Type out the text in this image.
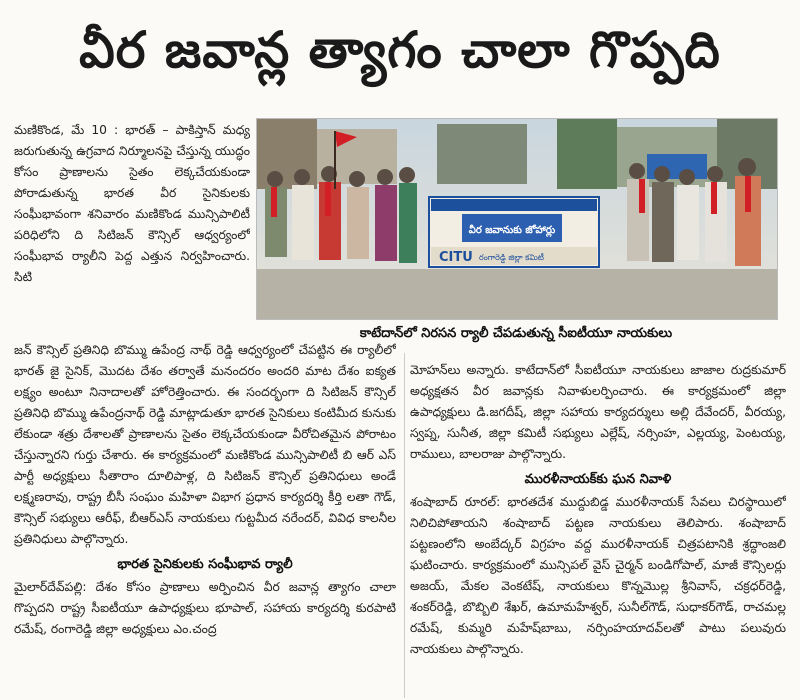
వీర జవాన్ల త్యాగం చాలా గొప్పది
వీర జవానుకు జోహార్లు
CITU రంగారెడ్డి జిల్లా కమిటీ
కాటేదాన్‌లో నిరసన ర్యాలీ చేపడుతున్న సీఐటీయూ నాయకులు

మణికొండ, మే 10 : భారత్ – పాకిస్తాన్ మధ్య జరుగుతున్న ఉగ్రవాద నిర్మూలనపై చేస్తున్న యుద్ధం కోసం ప్రాణాలను సైతం లెక్కచేయకుండా పోరాడుతున్న భారత వీర సైనికులకు సంఘీభావంగా శనివారం మణికొండ మున్సిపాలిటీ పరిధిలోని ది సిటిజన్ కౌన్సిల్ ఆధ్వర్యంలో సంఘీభావ ర్యాలీని పెద్ద ఎత్తున నిర్వహించారు. సిటి

జన్ కౌన్సిల్ ప్రతినిధి బొమ్ము ఉపేంద్ర నాథ్ రెడ్డి ఆధ్వర్యంలో చేపట్టిన ఈ ర్యాలీలో భారత్ జై సైనిక్, మొదట దేశం తర్వాతే మనందరం అందరి మాట దేశం ఐక్యత లక్ష్యం అంటూ నినాదాలతో హోరెత్తించారు. ఈ సందర్భంగా ది సిటిజన్ కౌన్సిల్ ప్రతినిధి బొమ్ము ఉపేంద్రనాథ్ రెడ్డి మాట్లాడుతూ భారత సైనికులు కంటిమీద కునుకు లేకుండా శత్రు దేశాలతో ప్రాణాలను సైతం లెక్కచేయకుండా వీరోచితమైన పోరాటం చేస్తున్నారని గుర్తు చేశారు. ఈ కార్యక్రమంలో మణికొండ మున్సిపాలిటీ బి ఆర్ ఎస్ పార్టీ అధ్యక్షులు సీతారాం దూలిపాళ్ల, ది సిటిజన్ కౌన్సిల్ ప్రతినిధులు అండే లక్ష్మణరావు, రాష్ట్ర బీసీ సంఘం మహిళా విభాగ ప్రధాన కార్యదర్శి కీర్తి లతా గౌడ్, కౌన్సిల్ సభ్యులు ఆరీఫ్, బీఆర్ఎస్ నాయకులు గుట్టమీద నరేందర్, వివిధ కాలనీల ప్రతినిధులు పాల్గొన్నారు.

భారత సైనికులకు సంఘీభావ ర్యాలీ

మైలార్‌దేవ్‌పల్లి: దేశం కోసం ప్రాణాలు అర్పించిన వీర జవాన్ల త్యాగం చాలా గొప్పదని రాష్ట్ర సీఐటీయూ ఉపాధ్యక్షులు భూపాల్, సహాయ కార్యదర్శి కురపాటి రమేష్, రంగారెడ్డి జిల్లా అధ్యక్షులు ఎం.చంద్ర

మోహన్‌లు అన్నారు. కాటేదాన్‌లో సీఐటీయూ నాయకులు జాజాల రుద్రకుమార్ అధ్యక్షతన వీర జవాన్లకు నివాళులర్పించారు. ఈ కార్యక్రమంలో జిల్లా ఉపాధ్యక్షులు డి.జగదీష్, జిల్లా సహాయ కార్యదర్శులు అల్లి దేవేందర్, వీరయ్య, స్వప్న, సునీత, జిల్లా కమిటీ సభ్యులు ఎల్లేష్, నర్సింహ, ఎల్లయ్య, పెంటయ్య, రాములు, బాలరాజు పాల్గొన్నారు.

మురళీనాయక్‌కు ఘన నివాళి

శంషాబాద్ రూరల్: భారతదేశ ముద్దుబిడ్డ మురళీనాయక్ సేవలు చిరస్థాయిలో నిలిచిపోతాయని శంషాబాద్ పట్టణ నాయకులు తెలిపారు. శంషాబాద్ పట్టణంలోని అంబేద్కర్ విగ్రహం వద్ద మురళీనాయక్ చిత్రపటానికి శ్రద్ధాంజలి ఘటించారు. కార్యక్రమంలో మున్సిపల్ వైస్ చైర్మన్ బండిగోపాల్, మాజీ కౌన్సిలర్లు అజయ్, మేకల వెంకటేష్, నాయకులు కొన్నమొల్ల శ్రీనివాస్, చక్రధర్‌రెడ్డి, శంకర్‌రెడ్డి, బొబ్బిలి శేఖర్, ఉమామహేశ్వర్, సునీల్‌గౌడ్, సుధాకర్‌గౌడ్, రాచమల్ల రమేష్, కుమ్మరి మహేష్‌బాబు, నర్సింహయాదవ్‌లతో పాటు పలువురు నాయకులు పాల్గొన్నారు.
